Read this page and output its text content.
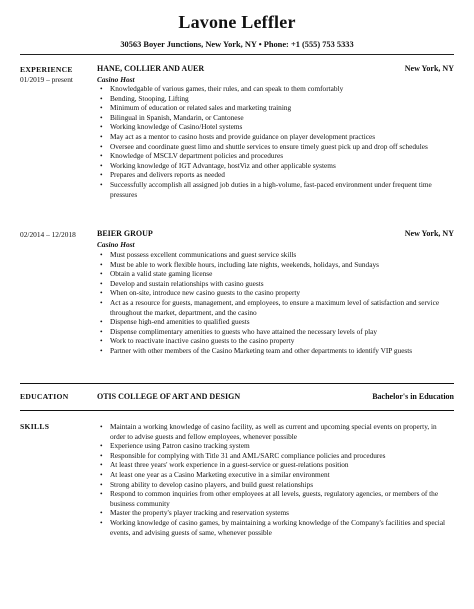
Lavone Leffler
30563 Boyer Junctions, New York, NY • Phone: +1 (555) 753 5333
EXPERIENCE
01/2019 – present
HANE, COLLIER AND AUER	New York, NY
Casino Host
• Knowledgable of various games, their rules, and can speak to them comfortably
• Bending, Stooping, Lifting
• Minimum of education or related sales and marketing training
• Bilingual in Spanish, Mandarin, or Cantonese
• Working knowledge of Casino/Hotel systems
• May act as a mentor to casino hosts and provide guidance on player development practices
• Oversee and coordinate guest limo and shuttle services to ensure timely guest pick up and drop off schedules
• Knowledge of MSCLV department policies and procedures
• Working knowledge of IGT Advantage, hostViz and other applicable systems
• Prepares and delivers reports as needed
• Successfully accomplish all assigned job duties in a high-volume, fast-paced environment under frequent time pressures
02/2014 – 12/2018	BEIER GROUP	New York, NY
Casino Host
• Must possess excellent communications and guest service skills
• Must be able to work flexible hours, including late nights, weekends, holidays, and Sundays
• Obtain a valid state gaming license
• Develop and sustain relationships with casino guests
• When on-site, introduce new casino guests to the casino property
• Act as a resource for guests, management, and employees, to ensure a maximum level of satisfaction and service throughout the market, department, and the casino
• Dispense high-end amenities to qualified guests
• Dispense complimentary amenities to guests who have attained the necessary levels of play
• Work to reactivate inactive casino guests to the casino property
• Partner with other members of the Casino Marketing team and other departments to identify VIP guests
EDUCATION	OTIS COLLEGE OF ART AND DESIGN	Bachelor's in Education
SKILLS
•	Maintain a working knowledge of casino facility, as well as current and upcoming special events on property, in order to advise guests and fellow employees, whenever possible
• Experience using Patron casino tracking system
• Responsible for complying with Title 31 and AML/SARC compliance policies and procedures
• At least three years' work experience in a guest-service or guest-relations position
• At least one year as a Casino Marketing executive in a similar environment
• Strong ability to develop casino players, and build guest relationships
• Respond to common inquiries from other employees at all levels, guests, regulatory agencies, or members of the business community
• Master the property's player tracking and reservation systems
• Working knowledge of casino games, by maintaining a working knowledge of the Company's facilities and special events, and advising guests of same, whenever possible
